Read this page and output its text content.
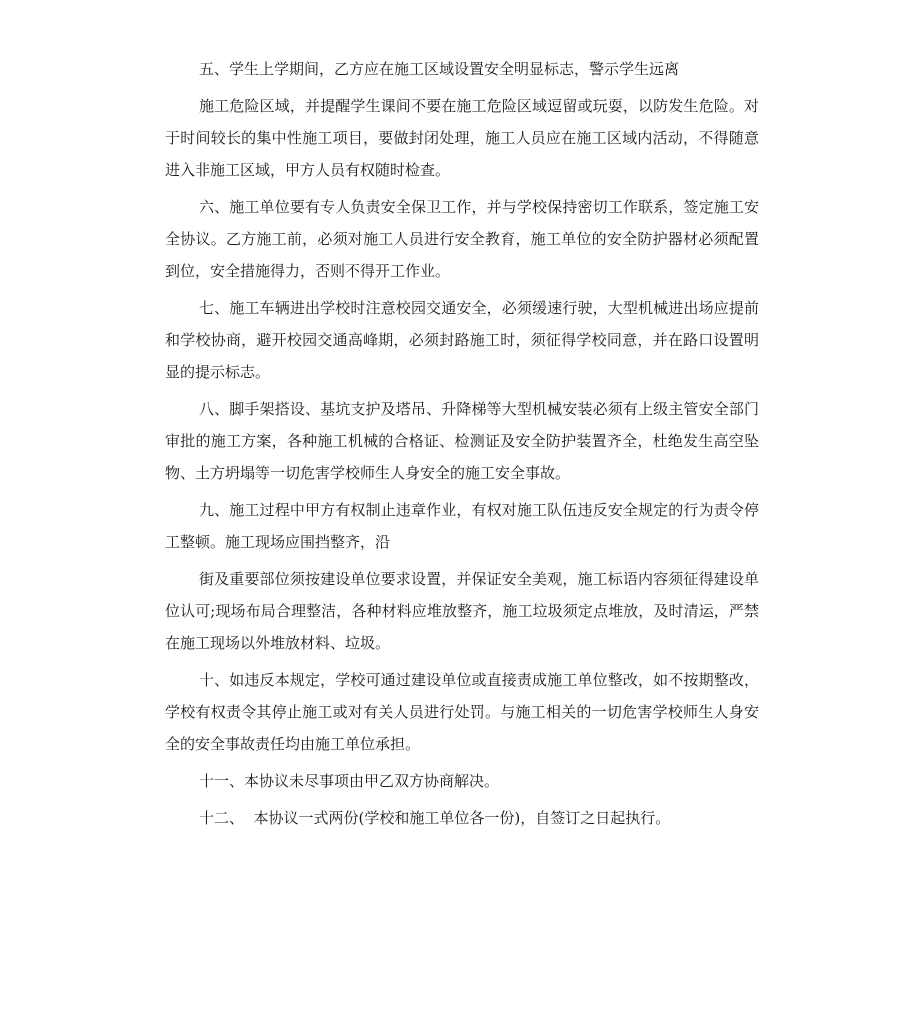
五、学生上学期间，乙方应在施工区域设置安全明显标志，警示学生远离

施工危险区域，并提醒学生课间不要在施工危险区域逗留或玩耍，以防发生危险。对于时间较长的集中性施工项目，要做封闭处理，施工人员应在施工区域内活动，不得随意进入非施工区域，甲方人员有权随时检查。

六、施工单位要有专人负责安全保卫工作，并与学校保持密切工作联系，签定施工安全协议。乙方施工前，必须对施工人员进行安全教育，施工单位的安全防护器材必须配置到位，安全措施得力，否则不得开工作业。

七、施工车辆进出学校时注意校园交通安全，必须缓速行驶，大型机械进出场应提前和学校协商，避开校园交通高峰期，必须封路施工时，须征得学校同意，并在路口设置明显的提示标志。

八、脚手架搭设、基坑支护及塔吊、升降梯等大型机械安装必须有上级主管安全部门审批的施工方案，各种施工机械的合格证、检测证及安全防护装置齐全，杜绝发生高空坠物、土方坍塌等一切危害学校师生人身安全的施工安全事故。

九、施工过程中甲方有权制止违章作业，有权对施工队伍违反安全规定的行为责令停工整顿。施工现场应围挡整齐，沿

街及重要部位须按建设单位要求设置，并保证安全美观，施工标语内容须征得建设单位认可;现场布局合理整洁，各种材料应堆放整齐，施工垃圾须定点堆放，及时清运，严禁在施工现场以外堆放材料、垃圾。

十、如违反本规定，学校可通过建设单位或直接责成施工单位整改，如不按期整改，学校有权责令其停止施工或对有关人员进行处罚。与施工相关的一切危害学校师生人身安全的安全事故责任均由施工单位承担。

十一、本协议未尽事项由甲乙双方协商解决。

十二、  本协议一式两份(学校和施工单位各一份)，自签订之日起执行。
